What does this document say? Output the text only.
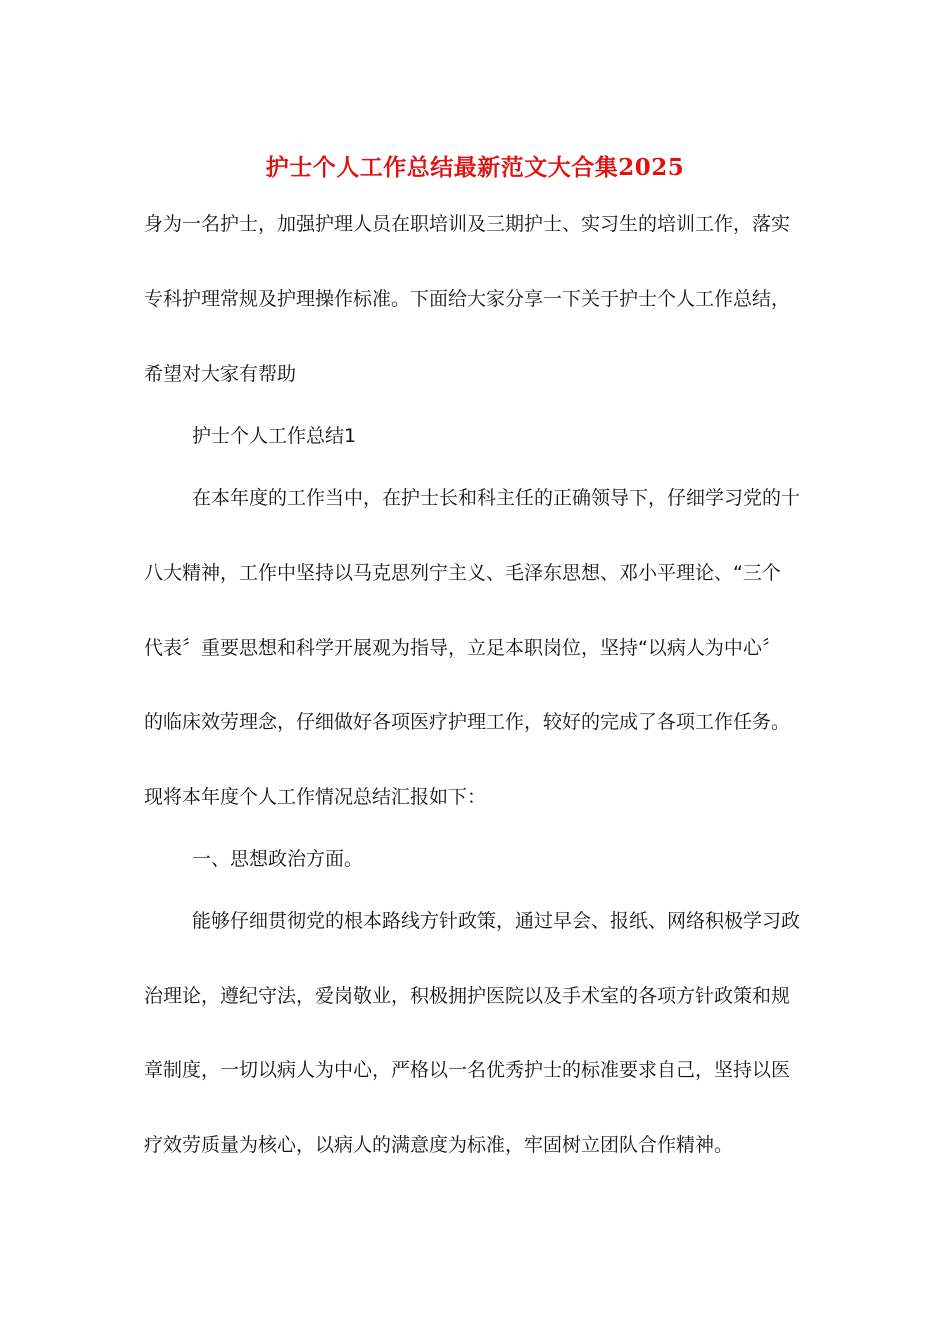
护士个人工作总结最新范文大合集2025
身为一名护士，加强护理人员在职培训及三期护士、实习生的培训工作，落实
专科护理常规及护理操作标准。下面给大家分享一下关于护士个人工作总结，
希望对大家有帮助
护士个人工作总结1
在本年度的工作当中，在护士长和科主任的正确领导下，仔细学习党的十
八大精神，工作中坚持以马克思列宁主义、毛泽东思想、邓小平理论、“三个
代表〞重要思想和科学开展观为指导，立足本职岗位，坚持“以病人为中心〞
的临床效劳理念，仔细做好各项医疗护理工作，较好的完成了各项工作任务。
现将本年度个人工作情况总结汇报如下：
一、思想政治方面。
能够仔细贯彻党的根本路线方针政策，通过早会、报纸、网络积极学习政
治理论，遵纪守法，爱岗敬业，积极拥护医院以及手术室的各项方针政策和规
章制度，一切以病人为中心，严格以一名优秀护士的标准要求自己，坚持以医
疗效劳质量为核心，以病人的满意度为标准，牢固树立团队合作精神。
